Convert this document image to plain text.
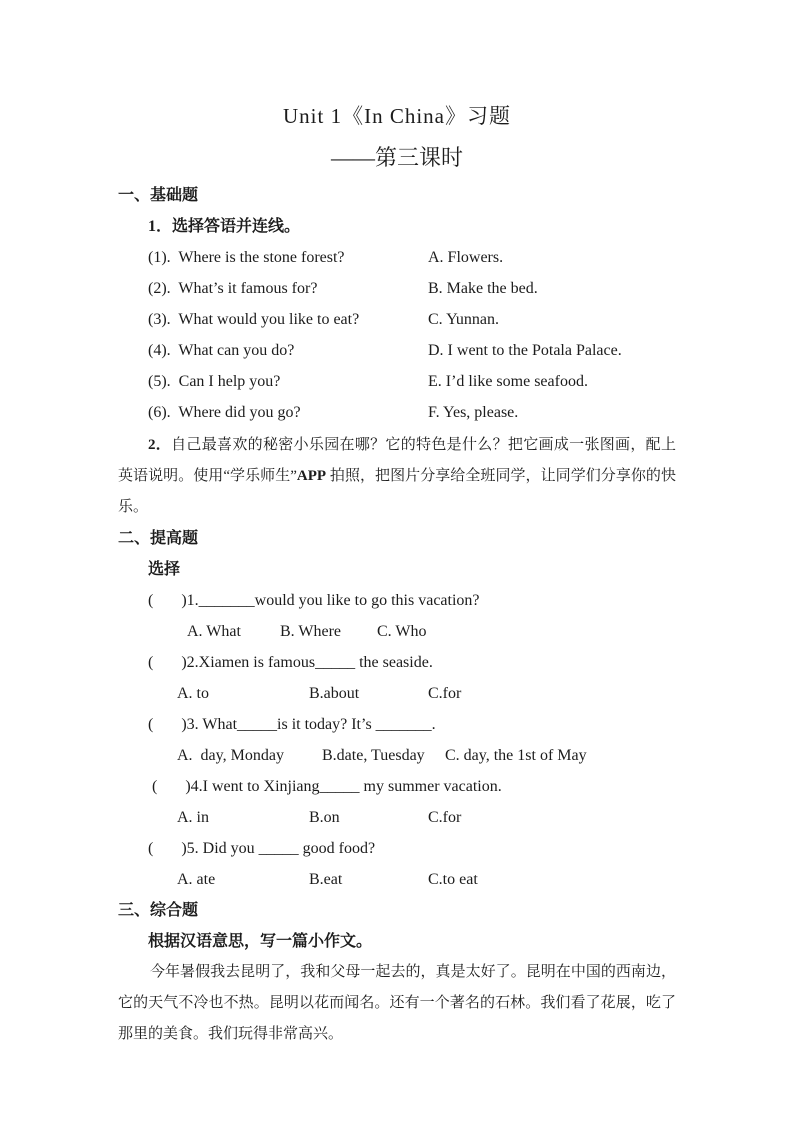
Unit 1《In China》习题
——第三课时
一、基础题
1．选择答语并连线。
(1).  Where is the stone forest?	A. Flowers.
(2).  What’s it famous for?	B. Make the bed.
(3).  What would you like to eat?	C. Yunnan.
(4).  What can you do?	D. I went to the Potala Palace.
(5).  Can I help you?	E. I’d like some seafood.
(6).  Where did you go?	F. Yes, please.

2．自己最喜欢的秘密小乐园在哪？它的特色是什么？把它画成一张图画，配上英语说明。使用“学乐师生”APP 拍照，把图片分享给全班同学，让同学们分享你的快乐。

二、提高题
选择
(       )1._______would you like to go this vacation?
A. What B. Where C. Who
(       )2.Xiamen is famous_____ the seaside.
A. to	B.about	C.for
(       )3. What_____is it today? It’s _______.
A.  day, Monday B.date, Tuesday C. day, the 1st of May
(       )4.I went to Xinjiang_____ my summer vacation.
A. in	B.on	C.for
(       )5. Did you _____ good food?
A. ate	B.eat	C.to eat
三、综合题
根据汉语意思，写一篇小作文。

今年暑假我去昆明了，我和父母一起去的，真是太好了。昆明在中国的西南边，它的天气不冷也不热。昆明以花而闻名。还有一个著名的石林。我们看了花展，吃了那里的美食。我们玩得非常高兴。
